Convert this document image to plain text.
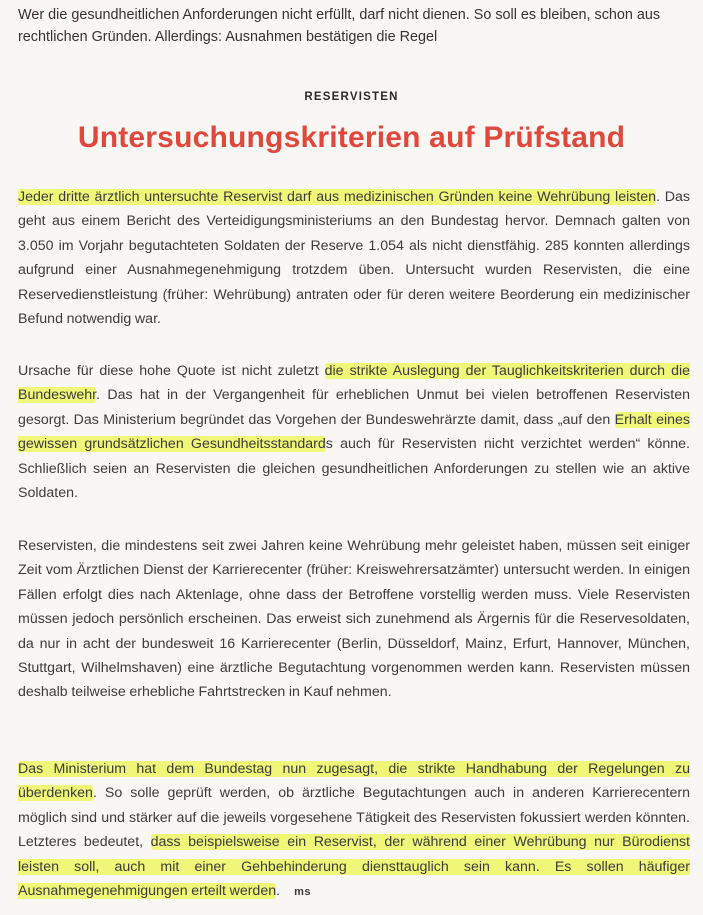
Wer die gesundheitlichen Anforderungen nicht erfüllt, darf nicht dienen. So soll es bleiben, schon aus rechtlichen Gründen. Allerdings: Ausnahmen bestätigen die Regel
RESERVISTEN
Untersuchungskriterien auf Prüfstand

Jeder dritte ärztlich untersuchte Reservist darf aus medizinischen Gründen keine Wehrübung leisten. Das geht aus einem Bericht des Verteidigungsministeriums an den Bundestag hervor. Demnach galten von 3.050 im Vorjahr begutachteten Soldaten der Reserve 1.054 als nicht dienstfähig. 285 konnten allerdings aufgrund einer Ausnahmegenehmigung trotzdem üben. Untersucht wurden Reservisten, die eine Reservedienstleistung (früher: Wehrübung) antraten oder für deren weitere Beorderung ein medizinischer Befund notwendig war.

Ursache für diese hohe Quote ist nicht zuletzt die strikte Auslegung der Tauglichkeitskriterien durch die Bundeswehr. Das hat in der Vergangenheit für erheblichen Unmut bei vielen betroffenen Reservisten gesorgt. Das Ministerium begründet das Vorgehen der Bundeswehrärzte damit, dass „auf den Erhalt eines gewissen grundsätzlichen Gesundheitsstandards auch für Reservisten nicht verzichtet werden“ könne. Schließlich seien an Reservisten die gleichen gesundheitlichen Anforderungen zu stellen wie an aktive Soldaten.

Reservisten, die mindestens seit zwei Jahren keine Wehrübung mehr geleistet haben, müssen seit einiger Zeit vom Ärztlichen Dienst der Karrierecenter (früher: Kreiswehrersatzämter) untersucht werden. In einigen Fällen erfolgt dies nach Aktenlage, ohne dass der Betroffene vorstellig werden muss. Viele Reservisten müssen jedoch persönlich erscheinen. Das erweist sich zunehmend als Ärgernis für die Reservesoldaten, da nur in acht der bundesweit 16 Karrierecenter (Berlin, Düsseldorf, Mainz, Erfurt, Hannover, München, Stuttgart, Wilhelmshaven) eine ärztliche Begutachtung vorgenommen werden kann. Reservisten müssen deshalb teilweise erhebliche Fahrtstrecken in Kauf nehmen.

Das Ministerium hat dem Bundestag nun zugesagt, die strikte Handhabung der Regelungen zu überdenken. So solle geprüft werden, ob ärztliche Begutachtungen auch in anderen Karrierecentern möglich sind und stärker auf die jeweils vorgesehene Tätigkeit des Reservisten fokussiert werden könnten. Letzteres bedeutet, dass beispielsweise ein Reservist, der während einer Wehrübung nur Bürodienst leisten soll, auch mit einer Gehbehinderung diensttauglich sein kann. Es sollen häufiger Ausnahmegenehmigungen erteilt werden. ms
